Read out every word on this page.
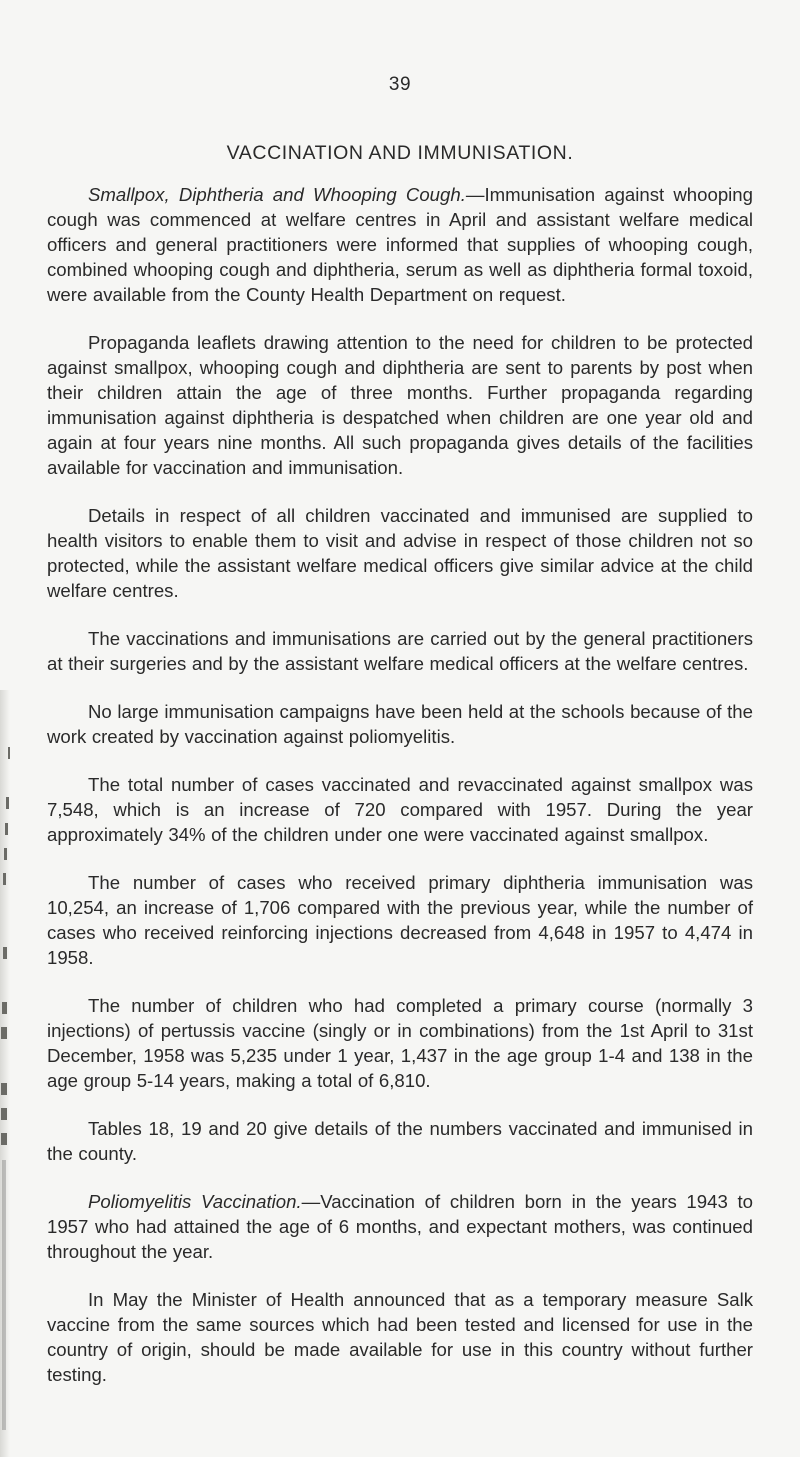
39
VACCINATION AND IMMUNISATION.

Smallpox, Diphtheria and Whooping Cough.—Immunisation against whooping cough was commenced at welfare centres in April and assistant welfare medical officers and general practitioners were informed that supplies of whooping cough, combined whooping cough and diphtheria, serum as well as diphtheria formal toxoid, were available from the County Health Department on request.

Propaganda leaflets drawing attention to the need for children to be protected against smallpox, whooping cough and diphtheria are sent to parents by post when their children attain the age of three months. Further propaganda regarding immunisation against diphtheria is despatched when children are one year old and again at four years nine months. All such propaganda gives details of the facilities available for vaccination and immunisation.

Details in respect of all children vaccinated and immunised are supplied to health visitors to enable them to visit and advise in respect of those children not so protected, while the assistant welfare medical officers give similar advice at the child welfare centres.

The vaccinations and immunisations are carried out by the general practitioners at their surgeries and by the assistant welfare medical officers at the welfare centres.

No large immunisation campaigns have been held at the schools because of the work created by vaccination against poliomyelitis.

The total number of cases vaccinated and revaccinated against smallpox was 7,548, which is an increase of 720 compared with 1957. During the year approximately 34% of the children under one were vaccinated against smallpox.

The number of cases who received primary diphtheria immunisation was 10,254, an increase of 1,706 compared with the previous year, while the number of cases who received reinforcing injections decreased from 4,648 in 1957 to 4,474 in 1958.

The number of children who had completed a primary course (normally 3 injections) of pertussis vaccine (singly or in combinations) from the 1st April to 31st December, 1958 was 5,235 under 1 year, 1,437 in the age group 1-4 and 138 in the age group 5-14 years, making a total of 6,810.

Tables 18, 19 and 20 give details of the numbers vaccinated and immunised in the county.

Poliomyelitis Vaccination.—Vaccination of children born in the years 1943 to 1957 who had attained the age of 6 months, and expectant mothers, was continued throughout the year.

In May the Minister of Health announced that as a temporary measure Salk vaccine from the same sources which had been tested and licensed for use in the country of origin, should be made available for use in this country without further testing.
